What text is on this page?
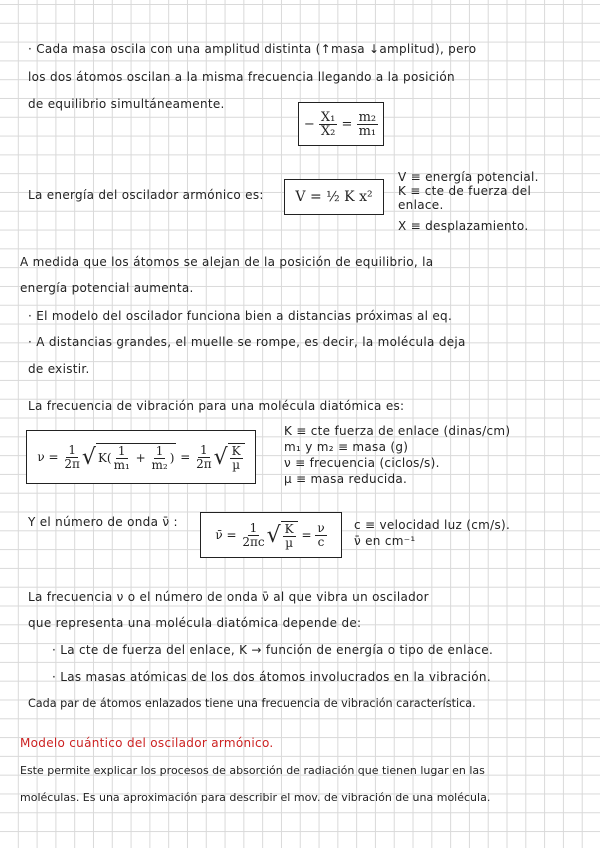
· Cada masa oscila con una amplitud distinta (↑masa ↓amplitud), pero
los dos átomos oscilan a la misma frecuencia llegando a la posición
de equilibrio simultáneamente.
−
$\frac{\text{X₁}}{\text{X₂}}$
=
$\frac{\text{m₂}}{\text{m₁}}$
La energía del oscilador armónico es: V = ½ K x²
V ≡ energía potencial.
K ≡ cte de fuerza del enlace.
X ≡ desplazamiento.
A medida que los átomos se alejan de la posición de equilibrio, la
energía potencial aumenta.
· El modelo del oscilador funciona bien a distancias próximas al eq.
· A distancias grandes, el muelle se rompe, es decir, la molécula deja
de existir.
La frecuencia de vibración para una molécula diatómica es:
ν =
$\frac{1}{2\pi}$ √ $K( \frac{1}{\text{m₁}} + \frac{1}{\text{m₂}}$ ) = $\frac{1}{2\pi}$ √ $\frac{K}{\text{µ}}$
K ≡ cte fuerza de enlace (dinas/cm)
m₁ y m₂ ≡ masa (g)
ν ≡ frecuencia (ciclos/s).
µ ≡ masa reducida.
Y el número de onda ν̄ :
ν̄ =
$\frac{1}{2\pi c}$ √ $\frac{K}{\text{µ}} = \frac{\nu}{c}$ c ≡ velocidad luz (cm/s).
ν̄ en cm⁻¹
La frecuencia ν o el número de onda ν̄ al que vibra un oscilador
que representa una molécula diatómica depende de:
· La cte de fuerza del enlace, K → función de energía o tipo de enlace.
· Las masas atómicas de los dos átomos involucrados en la vibración.
Cada par de átomos enlazados tiene una frecuencia de vibración característica.
Modelo cuántico del oscilador armónico.
Este permite explicar los procesos de absorción de radiación que tienen lugar en las
moléculas. Es una aproximación para describir el mov. de vibración de una molécula.
